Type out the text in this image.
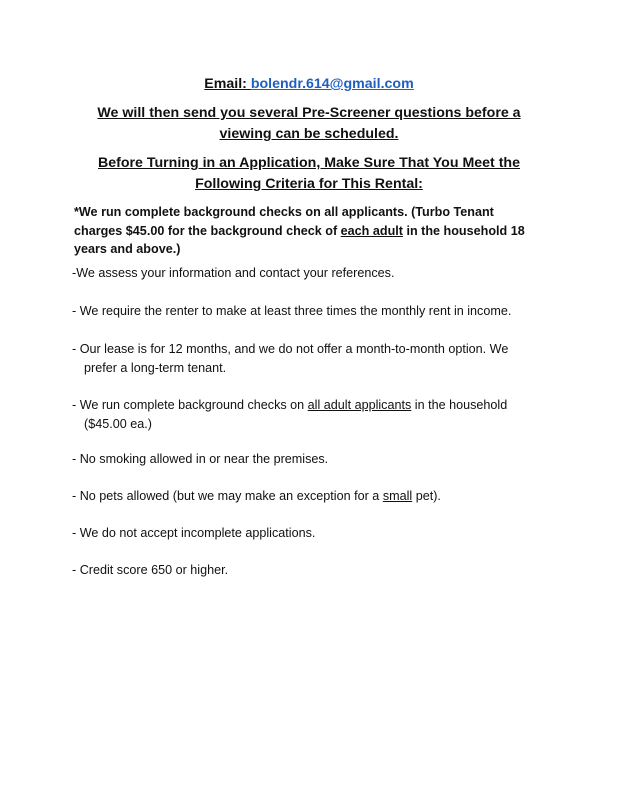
Email: bolendr.614@gmail.com
We will then send you several Pre-Screener questions before a viewing can be scheduled.
Before Turning in an Application, Make Sure That You Meet the Following Criteria for This Rental:
*We run complete background checks on all applicants. (Turbo Tenant charges $45.00 for the background check of each adult in the household 18 years and above.)
-We assess your information and contact your references.
- We require the renter to make at least three times the monthly rent in income.
- Our lease is for 12 months, and we do not offer a month-to-month option. We
prefer a long-term tenant.
- We run complete background checks on all adult applicants in the household
($45.00 ea.)
- No smoking allowed in or near the premises.
- No pets allowed (but we may make an exception for a small pet).
- We do not accept incomplete applications.
- Credit score 650 or higher.
